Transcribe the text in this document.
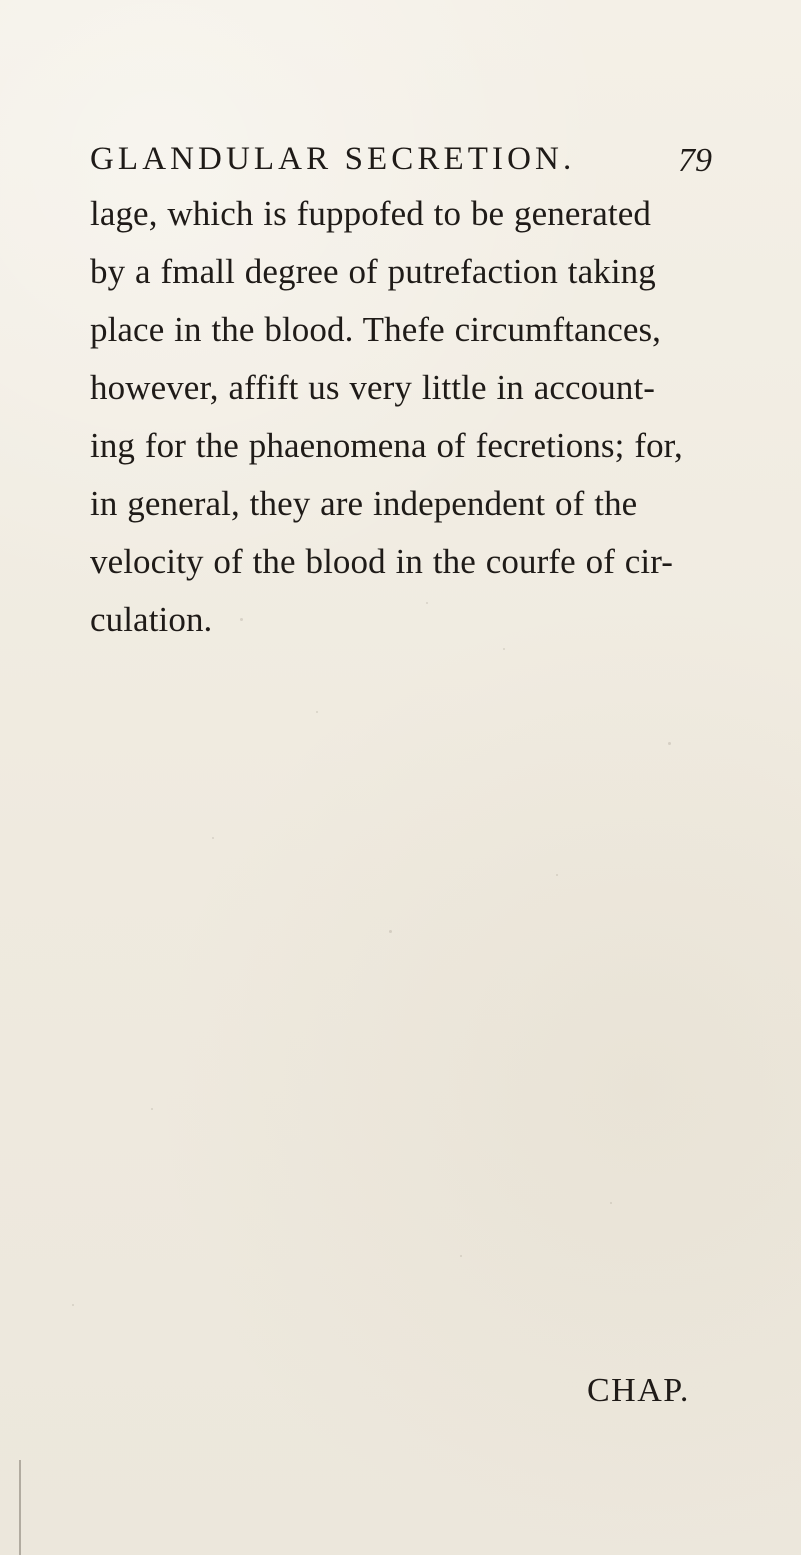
GLANDULAR SECRETION.	79
lage, which is fuppofed to be generated
by a fmall degree of putrefaction taking
place in the blood. Thefe circumftances,
however, affift us very little in account-
ing for the phaenomena of fecretions; for,
in general, they are independent of the
velocity of the blood in the courfe of cir-
culation.
CHAP.
